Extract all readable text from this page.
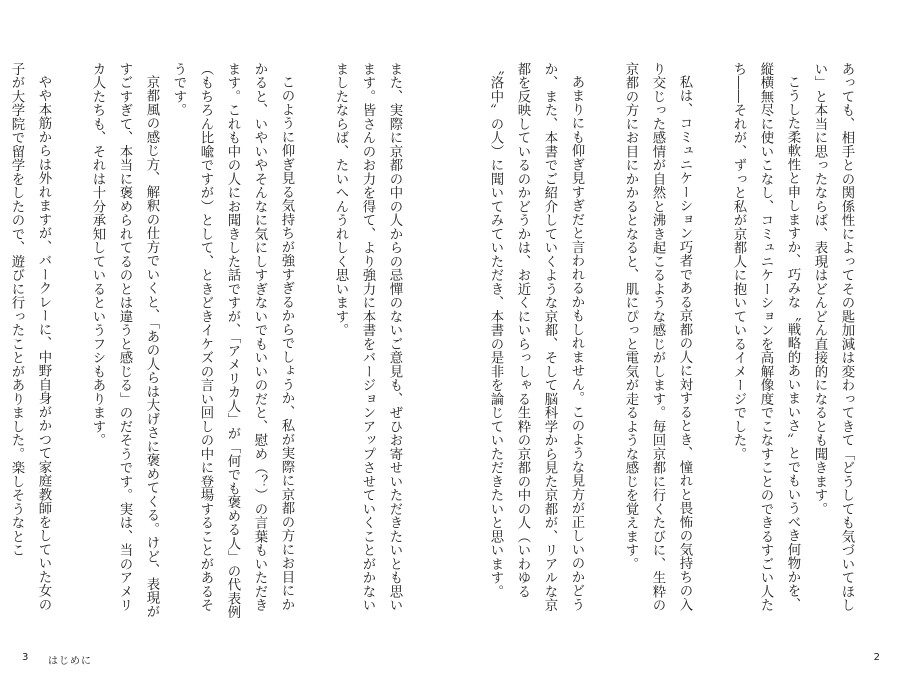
あっても、相手との関係性によってその匙加減は変わってきて「どうしても気づいてほしい」と本当に思ったならば、表現はどんどん直接的になるとも聞きます。

こうした柔軟性と申しますか、巧みな〝戦略的あいまいさ〟とでもいうべき何物かを、縦横無尽に使いこなし、コミュニケーションを高解像度でこなすことのできるすごい人たち――それが、ずっと私が京都人に抱いているイメージでした。

私は、コミュニケーション巧者である京都の人に対するとき、憧れと畏怖の気持ちの入り交じった感情が自然と沸き起こるような感じがします。毎回京都に行くたびに、生粋の京都の方にお目にかかるとなると、肌にぴっと電気が走るような感じを覚えます。

あまりにも仰ぎ見すぎだと言われるかもしれません。このような見方が正しいのかどうか、また、本書でご紹介していくような京都、そして脳科学から見た京都が、リアルな京都を反映しているのかどうかは、お近くにいらっしゃる生粋の京都の中の人（いわゆる〝洛中〟の人）に聞いてみていただき、本書の是非を論じていただきたいと思います。

また、実際に京都の中の人からの忌憚のないご意見も、ぜひお寄せいただきたいとも思います。皆さんのお力を得て、より強力に本書をバージョンアップさせていくことがかないましたならば、たいへんうれしく思います。

このように仰ぎ見る気持ちが強すぎるからでしょうか、私が実際に京都の方にお目にかかると、いやいやそんなに気にしすぎないでもいいのだと、慰め（？）の言葉もいただきます。これも中の人にお聞きした話ですが、「アメリカ人」が「何でも褒める人」の代表例（もちろん比喩ですが）として、ときどきイケズの言い回しの中に登場することがあるそうです。

京都風の感じ方、解釈の仕方でいくと、「あの人らは大げさに褒めてくる。けど、表現がすごすぎて、本当に褒められてるのとは違うと感じる」のだそうです。実は、当のアメリカ人たちも、それは十分承知しているというフシもあります。

やや本筋からは外れますが、バークレーに、中野自身がかつて家庭教師をしていた女の子が大学院で留学をしたので、遊びに行ったことがありました。楽しそうなとこ

3 はじめに	2
